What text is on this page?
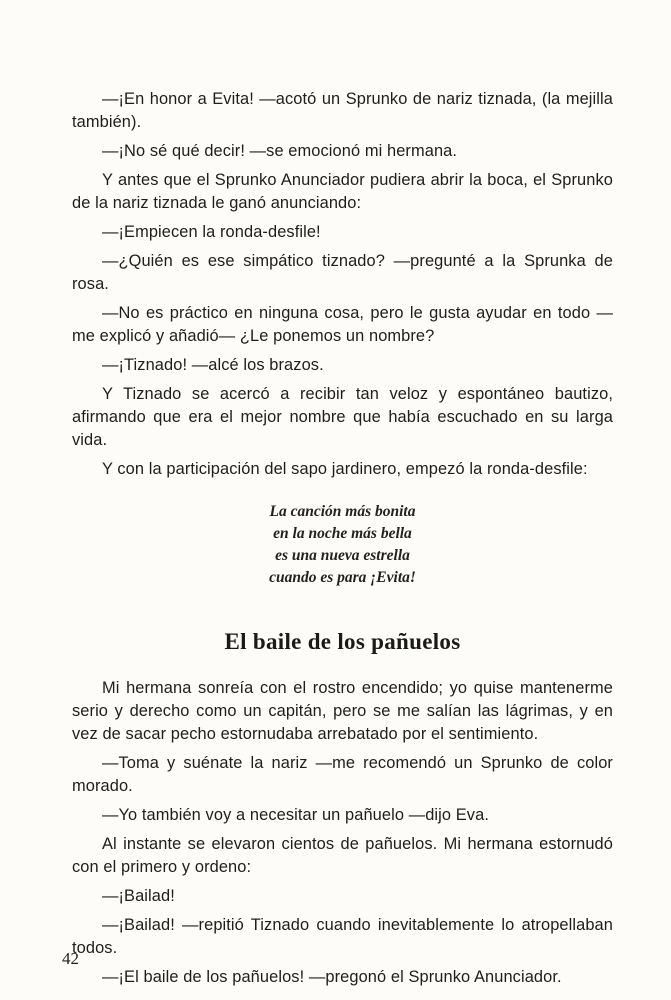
—¡En honor a Evita! —acotó un Sprunko de nariz tiznada, (la mejilla también).

—¡No sé qué decir! —se emocionó mi hermana.

Y antes que el Sprunko Anunciador pudiera abrir la boca, el Sprunko de la nariz tiznada le ganó anunciando:

—¡Empiecen la ronda-desfile!

—¿Quién es ese simpático tiznado? —pregunté a la Sprunka de rosa.

—No es práctico en ninguna cosa, pero le gusta ayudar en todo —me explicó y añadió— ¿Le ponemos un nombre?

—¡Tiznado! —alcé los brazos.

Y Tiznado se acercó a recibir tan veloz y espontáneo bautizo, afirmando que era el mejor nombre que había escuchado en su larga vida.

Y con la participación del sapo jardinero, empezó la ronda-desfile:

La canción más bonita
en la noche más bella
es una nueva estrella
cuando es para ¡Evita!
El baile de los pañuelos

Mi hermana sonreía con el rostro encendido; yo quise mantenerme serio y derecho como un capitán, pero se me salían las lágrimas, y en vez de sacar pecho estornudaba arrebatado por el sentimiento.

—Toma y suénate la nariz —me recomendó un Sprunko de color morado.

—Yo también voy a necesitar un pañuelo —dijo Eva.

Al instante se elevaron cientos de pañuelos. Mi hermana estornudó con el primero y ordeno:

—¡Bailad!

—¡Bailad! —repitió Tiznado cuando inevitablemente lo atropellaban todos.

—¡El baile de los pañuelos! —pregonó el Sprunko Anunciador.

42
